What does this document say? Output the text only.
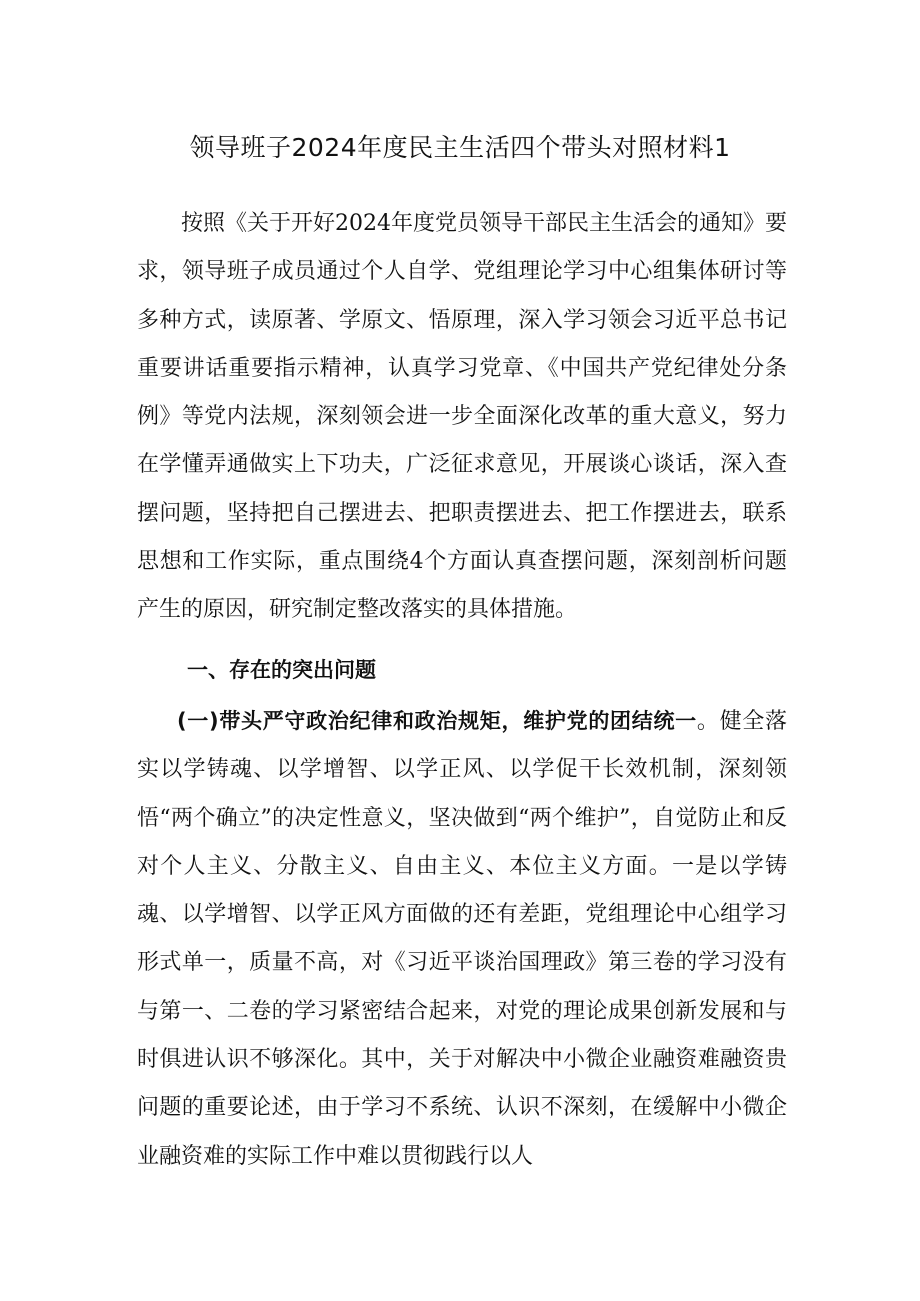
领导班子2024年度民主生活四个带头对照材料1

按照《关于开好2024年度党员领导干部民主生活会的通知》要求，领导班子成员通过个人自学、党组理论学习中心组集体研讨等多种方式，读原著、学原文、悟原理，深入学习领会习近平总书记重要讲话重要指示精神，认真学习党章、《中国共产党纪律处分条例》等党内法规，深刻领会进一步全面深化改革的重大意义，努力在学懂弄通做实上下功夫，广泛征求意见，开展谈心谈话，深入查摆问题，坚持把自己摆进去、把职责摆进去、把工作摆进去，联系思想和工作实际，重点围绕4个方面认真查摆问题，深刻剖析问题产生的原因，研究制定整改落实的具体措施。

一、存在的突出问题

(一)带头严守政治纪律和政治规矩，维护党的团结统一。健全落实以学铸魂、以学增智、以学正风、以学促干长效机制，深刻领悟“两个确立”的决定性意义，坚决做到“两个维护”，自觉防止和反对个人主义、分散主义、自由主义、本位主义方面。一是以学铸魂、以学增智、以学正风方面做的还有差距，党组理论中心组学习形式单一，质量不高，对《习近平谈治国理政》第三卷的学习没有与第一、二卷的学习紧密结合起来，对党的理论成果创新发展和与时俱进认识不够深化。其中，关于对解决中小微企业融资难融资贵问题的重要论述，由于学习不系统、认识不深刻，在缓解中小微企业融资难的实际工作中难以贯彻践行以人
